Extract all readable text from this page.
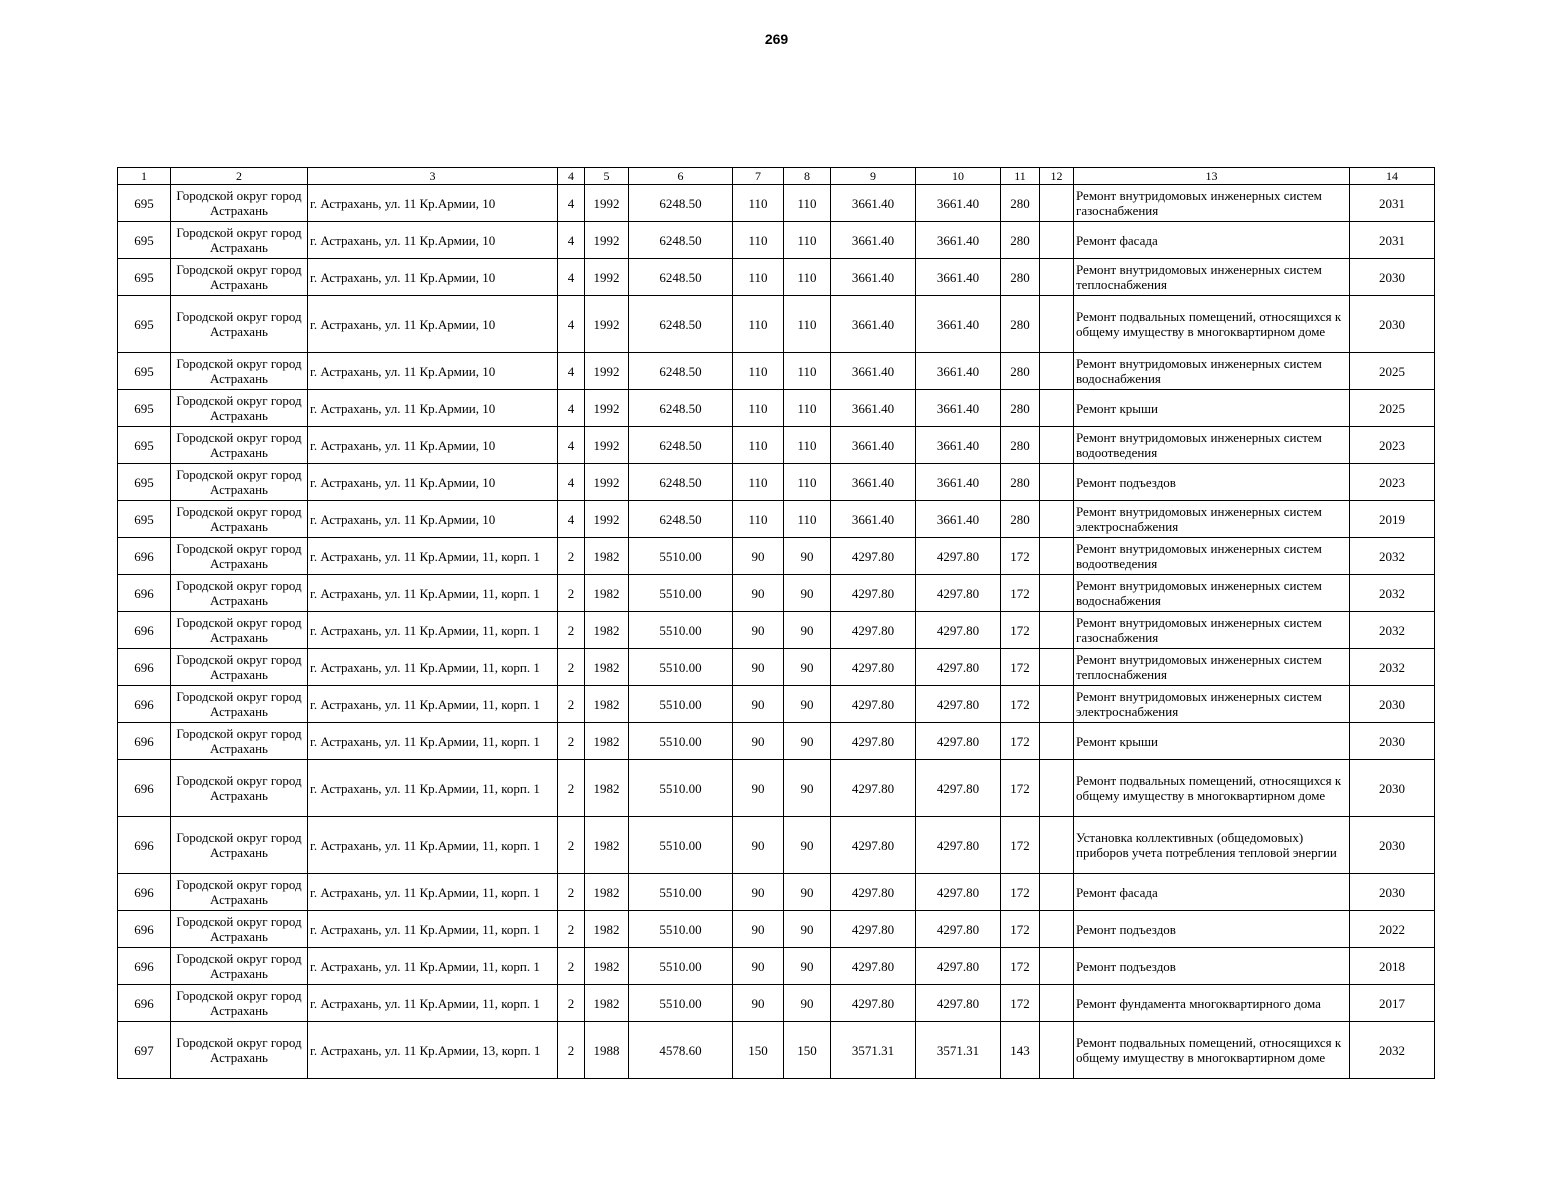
269
1	2	3	4	5	6	7	8	9	10	11	12	13	14
695	Городской округ город Астрахань	г. Астрахань, ул. 11 Кр.Армии, 10	4	1992	6248.50	110	110	3661.40	3661.40	280		Ремонт внутридомовых инженерных систем газоснабжения	2031
695	Городской округ город Астрахань	г. Астрахань, ул. 11 Кр.Армии, 10	4	1992	6248.50	110	110	3661.40	3661.40	280		Ремонт фасада	2031
695	Городской округ город Астрахань	г. Астрахань, ул. 11 Кр.Армии, 10	4	1992	6248.50	110	110	3661.40	3661.40	280		Ремонт внутридомовых инженерных систем теплоснабжения	2030
695	Городской округ город Астрахань	г. Астрахань, ул. 11 Кр.Армии, 10	4	1992	6248.50	110	110	3661.40	3661.40	280		Ремонт подвальных помещений, относящихся к общему имуществу в многоквартирном доме	2030
695	Городской округ город Астрахань	г. Астрахань, ул. 11 Кр.Армии, 10	4	1992	6248.50	110	110	3661.40	3661.40	280		Ремонт внутридомовых инженерных систем водоснабжения	2025
695	Городской округ город Астрахань	г. Астрахань, ул. 11 Кр.Армии, 10	4	1992	6248.50	110	110	3661.40	3661.40	280		Ремонт крыши	2025
695	Городской округ город Астрахань	г. Астрахань, ул. 11 Кр.Армии, 10	4	1992	6248.50	110	110	3661.40	3661.40	280		Ремонт внутридомовых инженерных систем водоотведения	2023
695	Городской округ город Астрахань	г. Астрахань, ул. 11 Кр.Армии, 10	4	1992	6248.50	110	110	3661.40	3661.40	280		Ремонт подъездов	2023
695	Городской округ город Астрахань	г. Астрахань, ул. 11 Кр.Армии, 10	4	1992	6248.50	110	110	3661.40	3661.40	280		Ремонт внутридомовых инженерных систем электроснабжения	2019
696	Городской округ город Астрахань	г. Астрахань, ул. 11 Кр.Армии, 11, корп. 1	2	1982	5510.00	90	90	4297.80	4297.80	172		Ремонт внутридомовых инженерных систем водоотведения	2032
696	Городской округ город Астрахань	г. Астрахань, ул. 11 Кр.Армии, 11, корп. 1	2	1982	5510.00	90	90	4297.80	4297.80	172		Ремонт внутридомовых инженерных систем водоснабжения	2032
696	Городской округ город Астрахань	г. Астрахань, ул. 11 Кр.Армии, 11, корп. 1	2	1982	5510.00	90	90	4297.80	4297.80	172		Ремонт внутридомовых инженерных систем газоснабжения	2032
696	Городской округ город Астрахань	г. Астрахань, ул. 11 Кр.Армии, 11, корп. 1	2	1982	5510.00	90	90	4297.80	4297.80	172		Ремонт внутридомовых инженерных систем теплоснабжения	2032
696	Городской округ город Астрахань	г. Астрахань, ул. 11 Кр.Армии, 11, корп. 1	2	1982	5510.00	90	90	4297.80	4297.80	172		Ремонт внутридомовых инженерных систем электроснабжения	2030
696	Городской округ город Астрахань	г. Астрахань, ул. 11 Кр.Армии, 11, корп. 1	2	1982	5510.00	90	90	4297.80	4297.80	172		Ремонт крыши	2030
696	Городской округ город Астрахань	г. Астрахань, ул. 11 Кр.Армии, 11, корп. 1	2	1982	5510.00	90	90	4297.80	4297.80	172		Ремонт подвальных помещений, относящихся к общему имуществу в многоквартирном доме	2030
696	Городской округ город Астрахань	г. Астрахань, ул. 11 Кр.Армии, 11, корп. 1	2	1982	5510.00	90	90	4297.80	4297.80	172		Установка коллективных (общедомовых) приборов учета потребления тепловой энергии	2030
696	Городской округ город Астрахань	г. Астрахань, ул. 11 Кр.Армии, 11, корп. 1	2	1982	5510.00	90	90	4297.80	4297.80	172		Ремонт фасада	2030
696	Городской округ город Астрахань	г. Астрахань, ул. 11 Кр.Армии, 11, корп. 1	2	1982	5510.00	90	90	4297.80	4297.80	172		Ремонт подъездов	2022
696	Городской округ город Астрахань	г. Астрахань, ул. 11 Кр.Армии, 11, корп. 1	2	1982	5510.00	90	90	4297.80	4297.80	172		Ремонт подъездов	2018
696	Городской округ город Астрахань	г. Астрахань, ул. 11 Кр.Армии, 11, корп. 1	2	1982	5510.00	90	90	4297.80	4297.80	172		Ремонт фундамента многоквартирного дома	2017
697	Городской округ город Астрахань	г. Астрахань, ул. 11 Кр.Армии, 13, корп. 1	2	1988	4578.60	150	150	3571.31	3571.31	143		Ремонт подвальных помещений, относящихся к общему имуществу в многоквартирном доме	2032
